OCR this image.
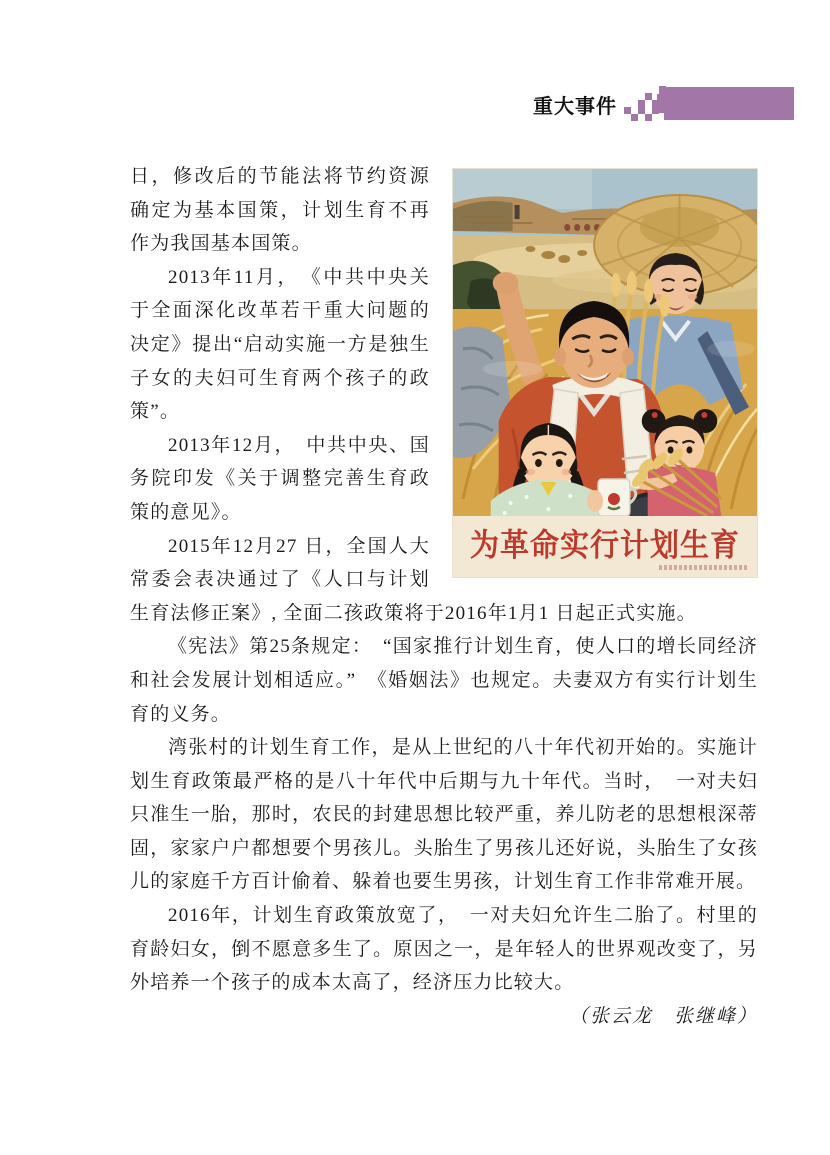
重大事件
为革命实行计划生育

日，修改后的节能法将节约资源确定为基本国策，计划生育不再作为我国基本国策。

2013年11月，　《中共中央关于全面深化改革若干重大问题的决定》提出“启动实施一方是独生子女的夫妇可生育两个孩子的政策”。

2013年12月，　中共中央、国务院印发《关于调整完善生育政策的意见》。

2015年12月27 日，全国人大常委会表决通过了《人口与计划生育法修正案》, 全面二孩政策将于2016年1月1 日起正式实施。

《宪法》第25条规定：　“国家推行计划生育，使人口的增长同经济和社会发展计划相适应。”　《婚姻法》也规定。夫妻双方有实行计划生育的义务。

湾张村的计划生育工作，是从上世纪的八十年代初开始的。实施计划生育政策最严格的是八十年代中后期与九十年代。当时，　一对夫妇只准生一胎，那时，农民的封建思想比较严重，养儿防老的思想根深蒂固，家家户户都想要个男孩儿。头胎生了男孩儿还好说，头胎生了女孩儿的家庭千方百计偷着、躲着也要生男孩，计划生育工作非常难开展。

2016年，计划生育政策放宽了，　一对夫妇允许生二胎了。村里的育龄妇女，倒不愿意多生了。原因之一，是年轻人的世界观改变了，另外培养一个孩子的成本太高了，经济压力比较大。

（张云龙　张继峰）
